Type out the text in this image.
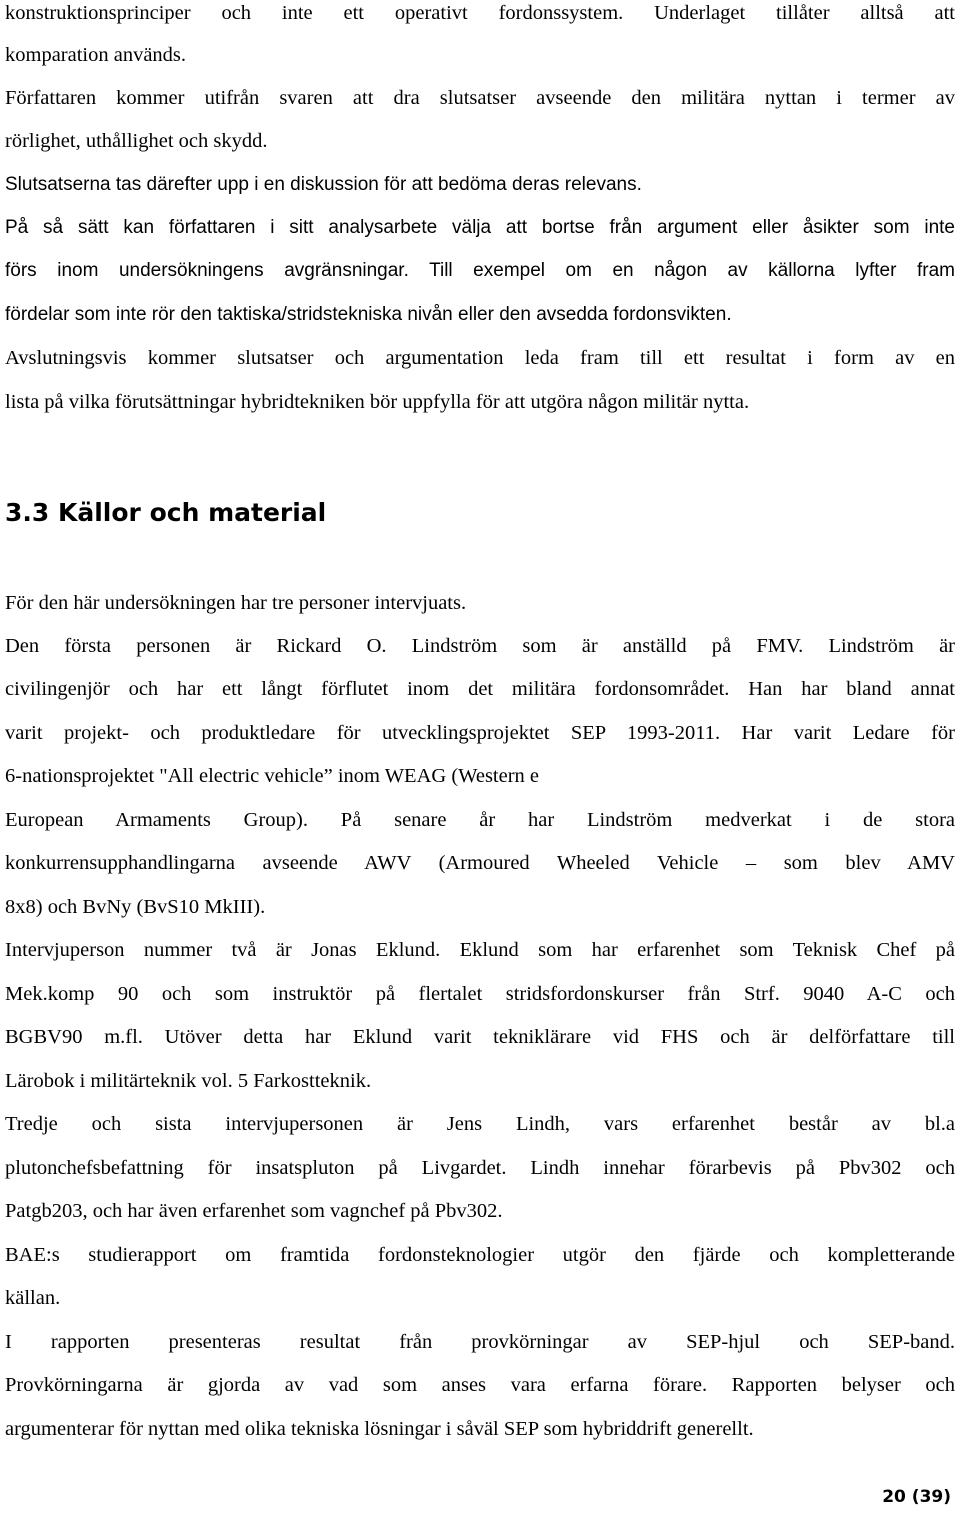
konstruktionsprinciper och inte ett operativt fordonssystem. Underlaget tillåter alltså att
komparation används.
Författaren kommer utifrån svaren att dra slutsatser avseende den militära nyttan i termer av
rörlighet, uthållighet och skydd.
Slutsatserna tas därefter upp i en diskussion för att bedöma deras relevans.
På så sätt kan författaren i sitt analysarbete välja att bortse från argument eller åsikter som inte
förs inom undersökningens avgränsningar. Till exempel om en någon av källorna lyfter fram
fördelar som inte rör den taktiska/stridstekniska nivån eller den avsedda fordonsvikten.
Avslutningsvis kommer slutsatser och argumentation leda fram till ett resultat i form av en
lista på vilka förutsättningar hybridtekniken bör uppfylla för att utgöra någon militär nytta.
3.3 Källor och material
För den här undersökningen har tre personer intervjuats.
Den första personen är Rickard O. Lindström som är anställd på FMV. Lindström är
civilingenjör och har ett långt förflutet inom det militära fordonsområdet. Han har bland annat
varit projekt- och produktledare för utvecklingsprojektet SEP 1993-2011. Har varit Ledare för
6-nationsprojektet "All electric vehicle” inom WEAG (Western e
European Armaments Group). På senare år har Lindström medverkat i de stora
konkurrensupphandlingarna avseende AWV (Armoured Wheeled Vehicle – som blev AMV
8x8) och BvNy (BvS10 MkIII).
Intervjuperson nummer två är Jonas Eklund. Eklund som har erfarenhet som Teknisk Chef på
Mek.komp 90 och som instruktör på flertalet stridsfordonskurser från Strf. 9040 A-C och
BGBV90 m.fl. Utöver detta har Eklund varit tekniklärare vid FHS och är delförfattare till
Lärobok i militärteknik vol. 5 Farkostteknik.
Tredje och sista intervjupersonen är Jens Lindh, vars erfarenhet består av bl.a
plutonchefsbefattning för insatspluton på Livgardet. Lindh innehar förarbevis på Pbv302 och
Patgb203, och har även erfarenhet som vagnchef på Pbv302.
BAE:s studierapport om framtida fordonsteknologier utgör den fjärde och kompletterande
källan.
I rapporten presenteras resultat från provkörningar av SEP-hjul och SEP-band.
Provkörningarna är gjorda av vad som anses vara erfarna förare. Rapporten belyser och
argumenterar för nyttan med olika tekniska lösningar i såväl SEP som hybriddrift generellt.
20 (39)
